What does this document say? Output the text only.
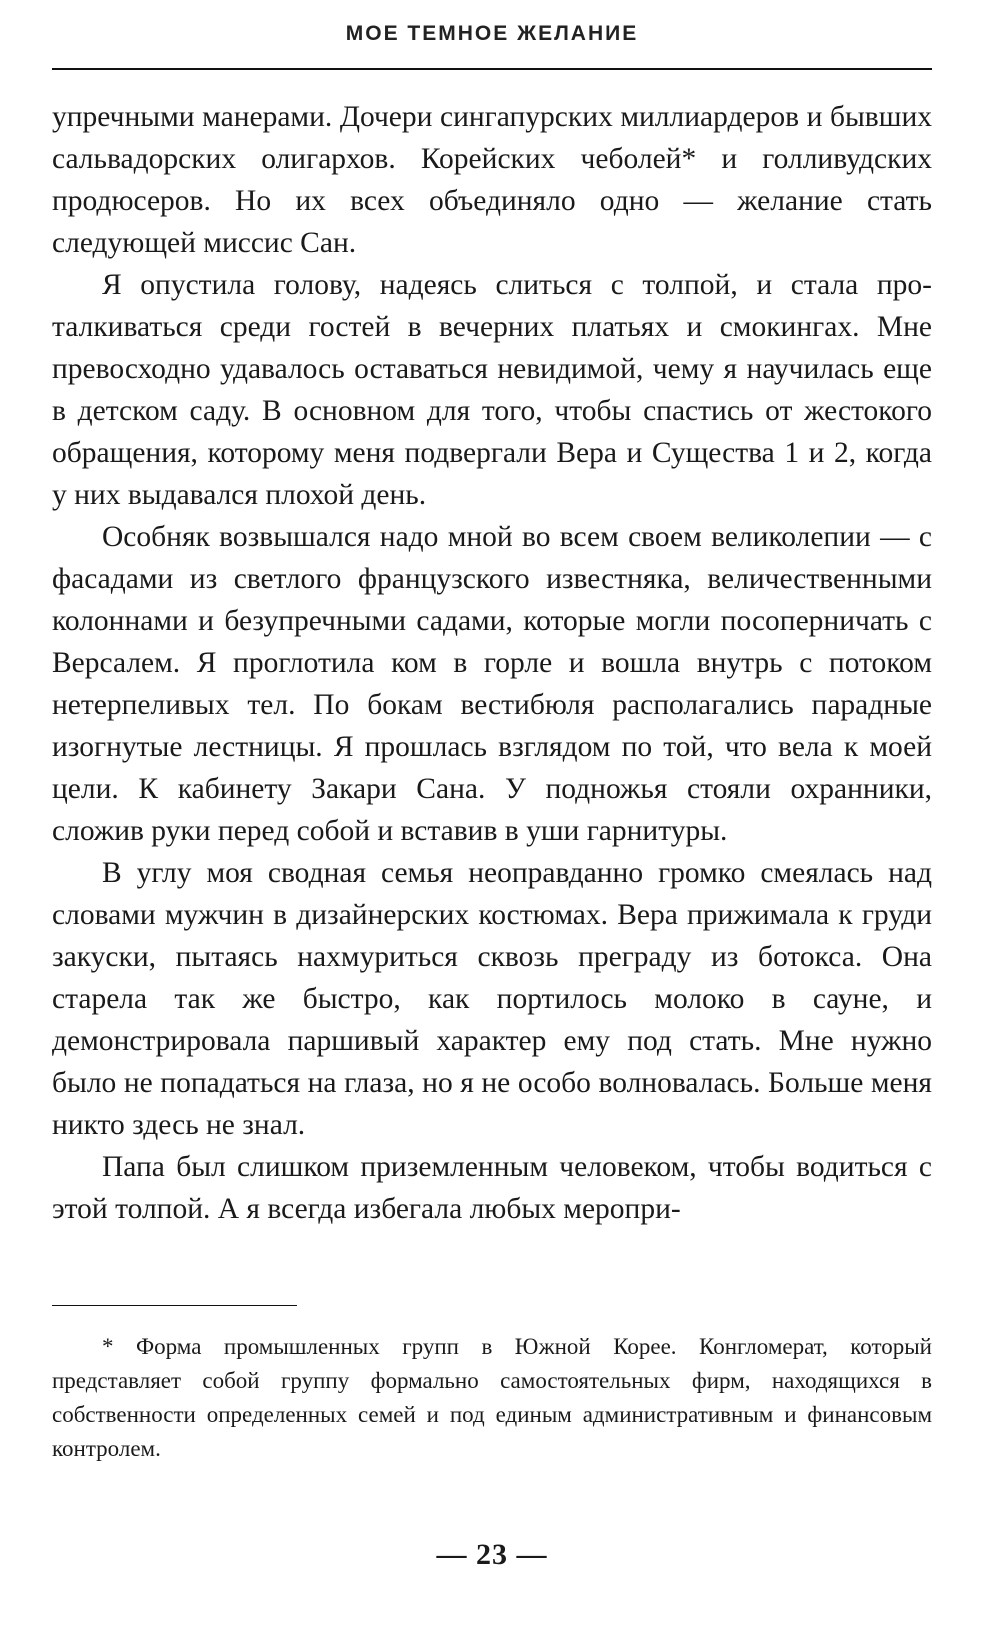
МОЕ ТЕМНОЕ ЖЕЛАНИЕ

упречными манерами. Дочери сингапурских миллиардеров и бывших сальвадорских олигархов. Корейских чеболей* и голливудских продюсеров. Но их всех объединяло одно — желание стать следующей миссис Сан.

Я опустила голову, надеясь слиться с толпой, и стала проталкиваться среди гостей в вечерних платьях и смокингах. Мне превосходно удавалось оставаться невидимой, чему я научилась еще в детском саду. В основном для того, чтобы спастись от жестокого обращения, которому меня подвергали Вера и Существа 1 и 2, когда у них выдавался плохой день.

Особняк возвышался надо мной во всем своем великолепии — с фасадами из светлого французского известняка, величественными колоннами и безупречными садами, которые могли посоперничать с Версалем. Я проглотила ком в горле и вошла внутрь с потоком нетерпеливых тел. По бокам вестибюля располагались парадные изогнутые лестницы. Я прошлась взглядом по той, что вела к моей цели. К кабинету Закари Сана. У подножья стояли охранники, сложив руки перед собой и вставив в уши гарнитуры.

В углу моя сводная семья неоправданно громко смеялась над словами мужчин в дизайнерских костюмах. Вера прижимала к груди закуски, пытаясь нахмуриться сквозь преграду из ботокса. Она старела так же быстро, как портилось молоко в сауне, и демонстрировала паршивый характер ему под стать. Мне нужно было не попадаться на глаза, но я не особо волновалась. Больше меня никто здесь не знал.

Папа был слишком приземленным человеком, чтобы водиться с этой толпой. А я всегда избегала любых меропри-

* Форма промышленных групп в Южной Корее. Конгломерат, который представляет собой группу формально самостоятельных фирм, находящихся в собственности определенных семей и под единым административным и финансовым контролем.

— 23 —
